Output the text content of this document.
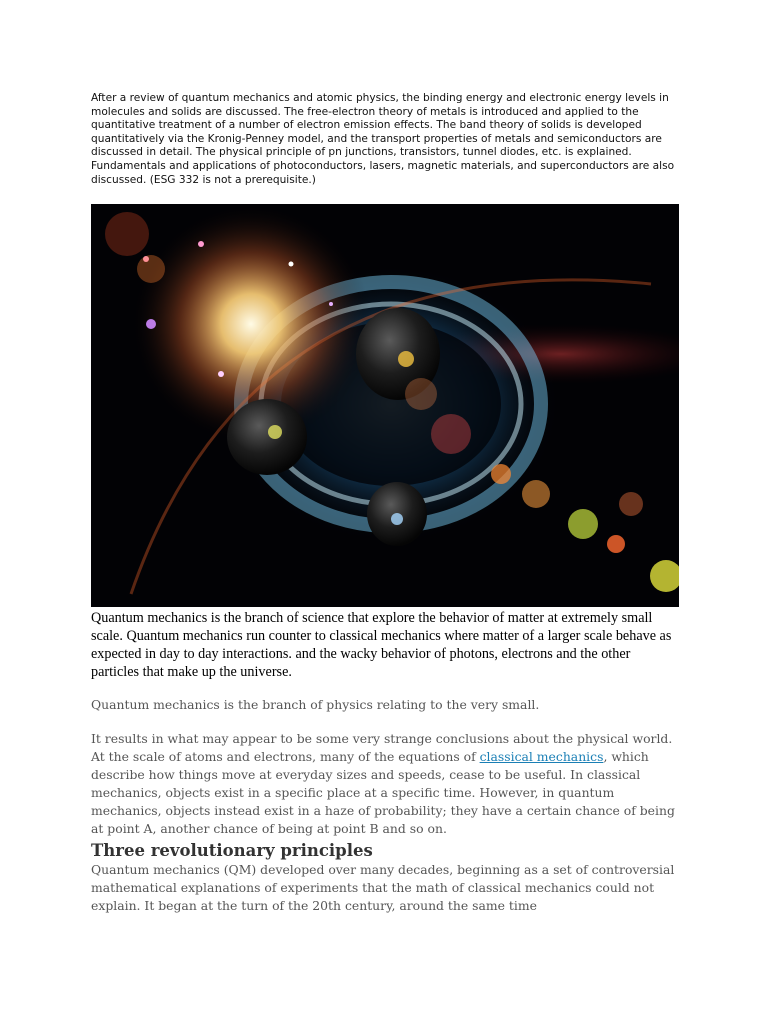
After a review of quantum mechanics and atomic physics, the binding energy and electronic energy levels in molecules and solids are discussed. The free-electron theory of metals is introduced and applied to the quantitative treatment of a number of electron emission effects. The band theory of solids is developed quantitatively via the Kronig-Penney model, and the transport properties of metals and semiconductors are discussed in detail. The physical principle of pn junctions, transistors, tunnel diodes, etc. is explained. Fundamentals and applications of photoconductors, lasers, magnetic materials, and superconductors are also discussed. (ESG 332 is not a prerequisite.)

Quantum mechanics is the branch of science that explore the behavior of matter at extremely small scale. Quantum mechanics run counter to classical mechanics where matter of a larger scale behave as expected in day to day interactions. and the wacky behavior of photons, electrons and the other particles that make up the universe.

Quantum mechanics is the branch of physics relating to the very small.

It results in what may appear to be some very strange conclusions about the physical world. At the scale of atoms and electrons, many of the equations of classical mechanics, which describe how things move at everyday sizes and speeds, cease to be useful. In classical mechanics, objects exist in a specific place at a specific time. However, in quantum mechanics, objects instead exist in a haze of probability; they have a certain chance of being at point A, another chance of being at point B and so on.

Three revolutionary principles

Quantum mechanics (QM) developed over many decades, beginning as a set of controversial mathematical explanations of experiments that the math of classical mechanics could not explain. It began at the turn of the 20th century, around the same time
